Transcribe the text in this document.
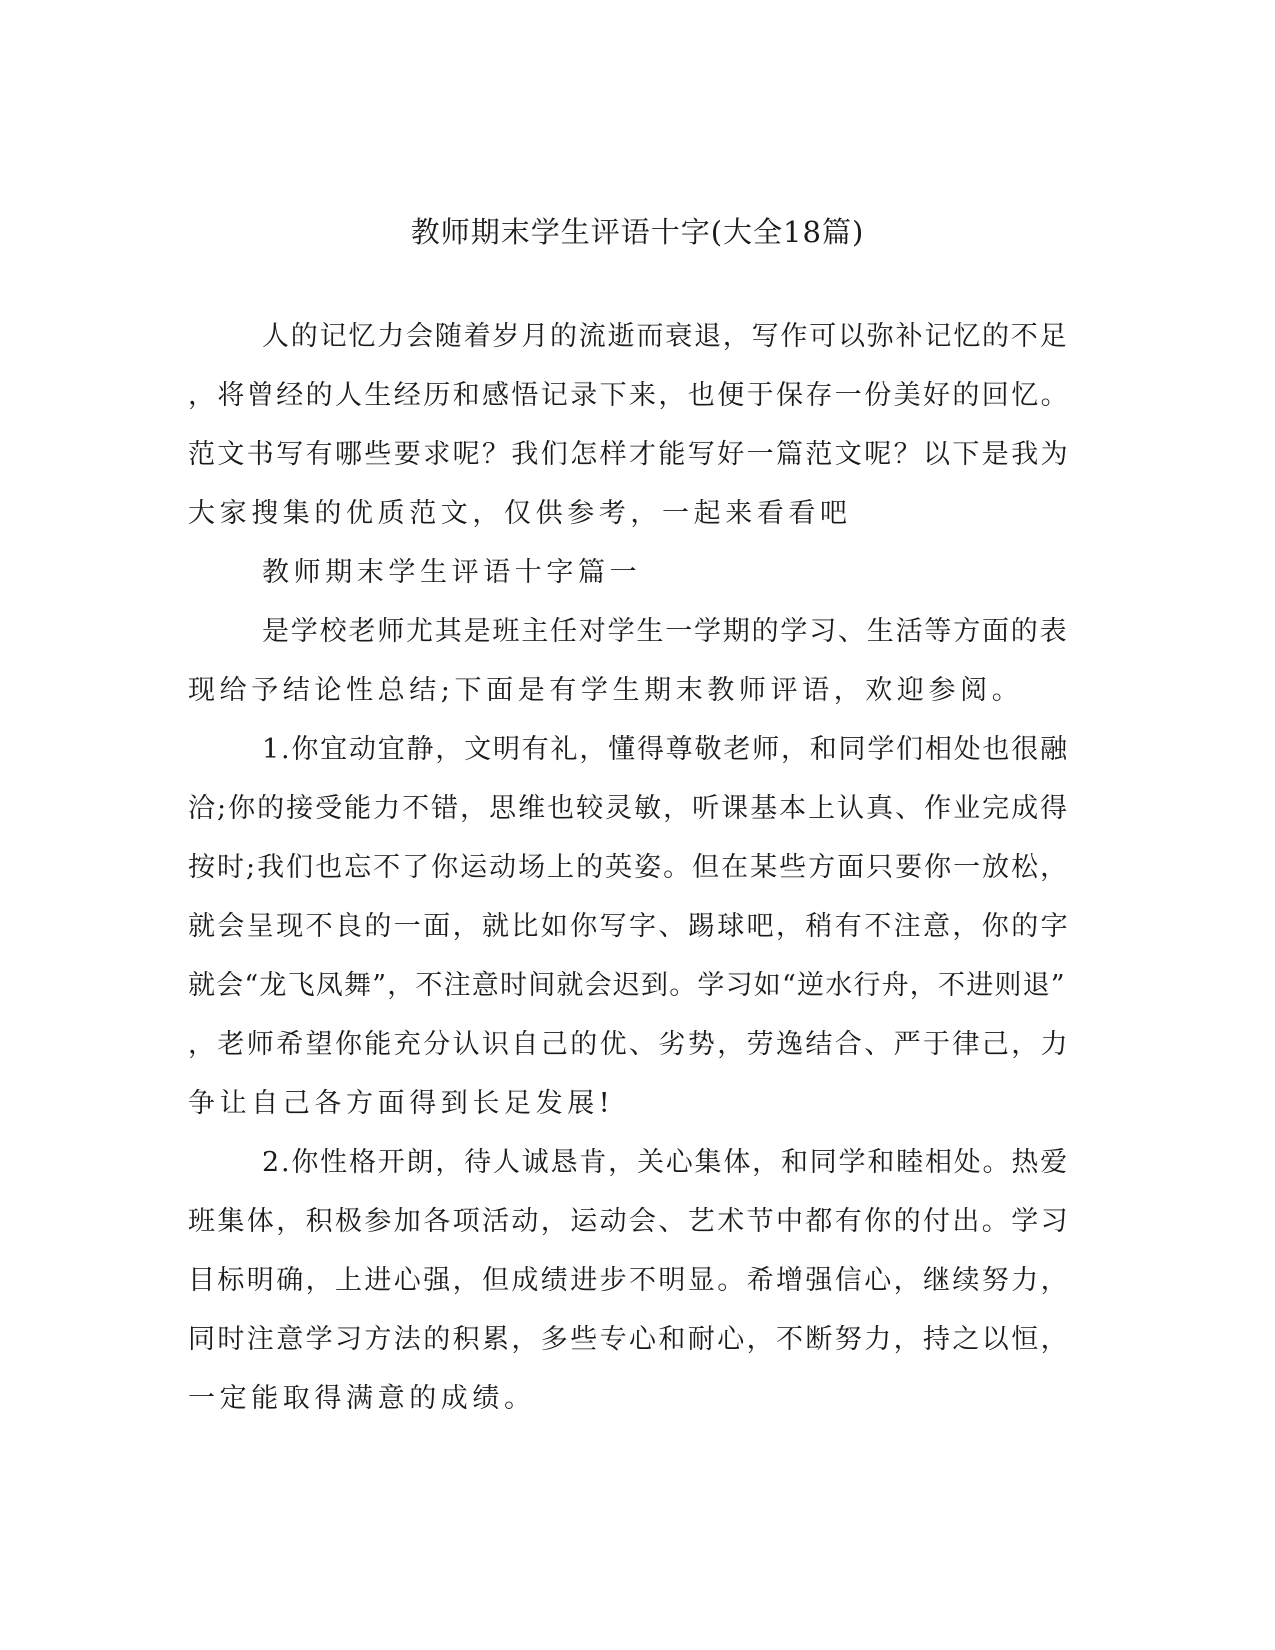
教师期末学生评语十字(大全18篇)
人的记忆力会随着岁月的流逝而衰退，写作可以弥补记忆的不足
，将曾经的人生经历和感悟记录下来，也便于保存一份美好的回忆。
范文书写有哪些要求呢？我们怎样才能写好一篇范文呢？以下是我为
大家搜集的优质范文，仅供参考，一起来看看吧
教师期末学生评语十字篇一
是学校老师尤其是班主任对学生一学期的学习、生活等方面的表
现给予结论性总结;下面是有学生期末教师评语，欢迎参阅。
1.你宜动宜静，文明有礼，懂得尊敬老师，和同学们相处也很融
洽;你的接受能力不错，思维也较灵敏，听课基本上认真、作业完成得
按时;我们也忘不了你运动场上的英姿。但在某些方面只要你一放松，
就会呈现不良的一面，就比如你写字、踢球吧，稍有不注意，你的字
就会“龙飞凤舞”，不注意时间就会迟到。学习如“逆水行舟，不进则退”
，老师希望你能充分认识自己的优、劣势，劳逸结合、严于律己，力
争让自己各方面得到长足发展!
2.你性格开朗，待人诚恳肯，关心集体，和同学和睦相处。热爱
班集体，积极参加各项活动，运动会、艺术节中都有你的付出。学习
目标明确，上进心强，但成绩进步不明显。希增强信心，继续努力，
同时注意学习方法的积累，多些专心和耐心，不断努力，持之以恒，
一定能取得满意的成绩。
